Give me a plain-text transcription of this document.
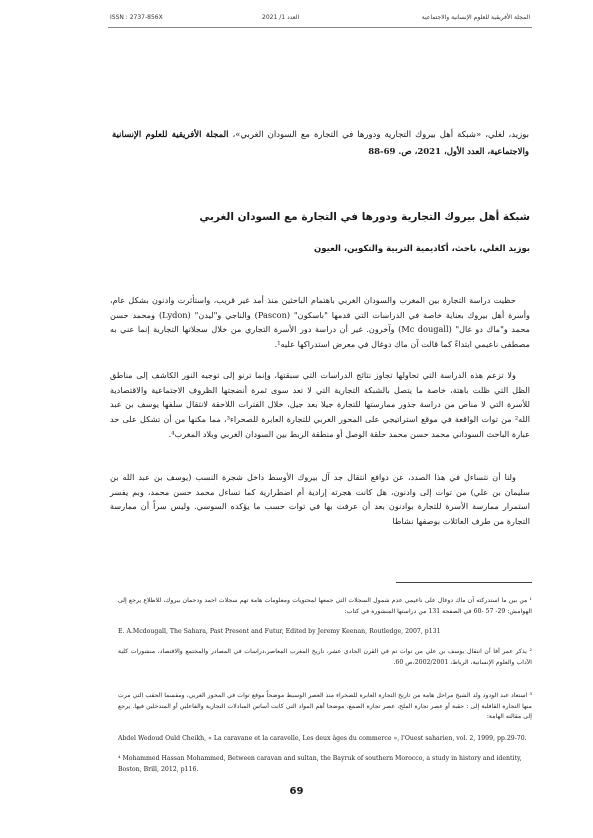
ISSN : 2737-856X	العدد 1/ 2021	المجلة الأفريقية للعلوم الإنسانية والاجتماعية
بوزيد، لغلي، «شبكة أهل بيروك التجارية ودورها في التجارة مع السودان الغربي»، المجلة الأفريقية للعلوم الإنسانية والاجتماعية، العدد الأول، 2021، ص. 69-88
شبكة أهل بيروك التجارية ودورها في التجارة مع السودان الغربي
بوزيد الغلي، باحث، أكاديمية التربية والتكوين، العيون

حظيت دراسة التجارة بين المغرب والسودان الغربي باهتمام الباحثين منذ أمد غير قريب، واستأثرت وادنون بشكل عام، وأسرة أهل بيروك بعناية خاصة في الدراسات التي قدمها "باسكون" (Pascon) والناجي و"ليدن" (Lydon) ومحمد حسن محمد و"ماك دو غال" (Mc dougall) وآخرون. غير أن دراسة دور الأسرة التجاري من خلال سجلاتها التجارية إنما عني به مصطفى ناعيمي ابتداءً كما قالت آن ماك دوغال في معرض استدراكها عليه¹.

ولا تزعم هذه الدراسة التي تحاولها تجاوز نتائج الدراسات التي سبقتها، وإنما ترنو إلى توجيه النور الكاشف إلى مناطق الظل التي ظلت باهتة، خاصة ما يتصل بالشبكة التجارية التي لا تعد سوى ثمرة أنضجتها الظروف الاجتماعية والاقتصادية للأسرة التي لا مناص من دراسة جذور ممارستها للتجارة جيلا بعد جيل، خلال الفترات اللاحقة لانتقال سلفها يوسف بن عبد الله² من توات الواقعة في موقع استراتيجي على المحور الغربي للتجارة العابرة للصحراء³، مما مكنها من أن تشكل على حد عبارة الباحث السوداني محمد حسن محمد حلقة الوصل أو منطقة الربط بين السودان الغربي وبلاد المغرب⁴.

ولنا أن نتساءل في هذا الصدد، عن دوافع انتقال جد آل بيروك الأوسط داخل شجرة النسب (يوسف بن عبد الله بن سليمان بن علي) من توات إلى وادنون، هل كانت هجرته إرادية أم اضطرارية كما تساءل محمد حسن محمد، وبم يفسر استمرار ممارسة الأسرة للتجارة بوادنون بعد أن عرفت بها في توات حسب ما يؤكده السوسي. وليس سراً أن ممارسة التجارة من طرف العائلات بوصفها نشاطا

¹ من بين ما استدركته آن ماك دوغال على ناعيمي عدم شمول السجلات التي جمعها لمحتويات ومعلومات هامة تهم سجلات احمد ودحمان بيروك، للاطلاع يرجع إلى الهوامش: 29- 57 -60 في الصفحة 131 من دراستها المنشورة في كتاب:
E. A.Mcdougall, The Sahara, Past Present and Futur, Edited by Jeremy Keenan, Routledge, 2007, p131
² يذكر عمر أفا أن انتقال يوسف بن علي من توات تم في القرن الحادي عشر، تاريخ المغرب المعاصر،دراسات في المصادر والمجتمع والاقتصاد، منشورات كلية الآداب والعلوم الإنسانية، الرباط، 2002/2001،ص 60.
³ استعاد عبد الودود ولد الشيخ مراحل هامة من تاريخ التجارة العابرة للصحراء منذ العصر الوسيط موضحاً موقع توات في المحور الغربي، ومقسما الحقب التي مرت منها التجارة القافلية إلى : حقبة أو عصر تجارة الملح، عصر تجارة الصمغ، موضحا أهم المواد التي كانت أساس المبادلات التجارية والفاعلين أو المتدخلين فيها. يرجع إلى مقالته الهامة:
Abdel Wedoud Ould Cheikh, « La caravane et la caravelle, Les deux âges du commerce », l'Ouest saharien, vol. 2, 1999, pp.29-70.
⁴ Mohammed Hassan Mohammed, Between caravan and sultan, the Bayruk of southern Morocco, a study in history and identity, Boston, Brill, 2012, p116.
69
